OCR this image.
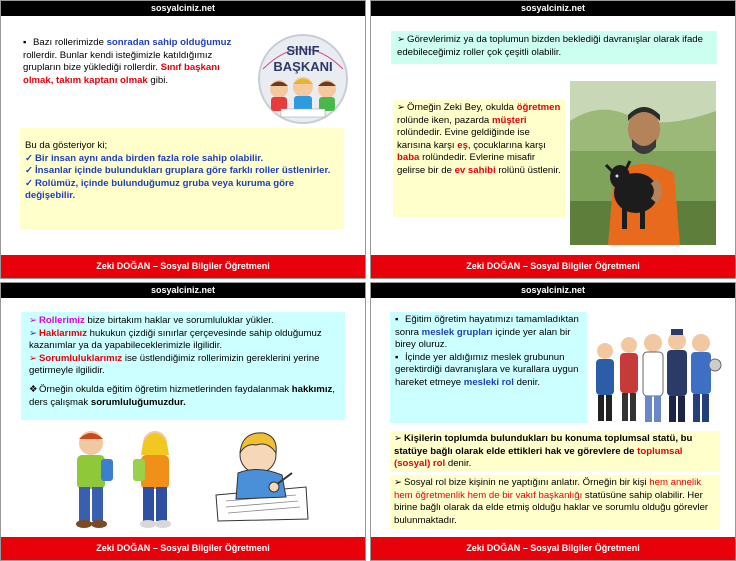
sosyalciniz.net
▪ Bazı rollerimizde sonradan sahip olduğumuz rollerdir. Bunlar kendi isteğimizle katıldığımız grupların bize yüklediği rollerdir. Sınıf başkanı olmak, takım kaptanı olmak gibi.
SINIF
BAŞKANI
Bu da gösteriyor ki;
✓ Bir insan aynı anda birden fazla role sahip olabilir.
✓ İnsanlar içinde bulundukları gruplara göre farklı roller üstlenirler.
✓ Rolümüz, içinde bulunduğumuz gruba veya kuruma göre değişebilir.
Zeki DOĞAN – Sosyal Bilgiler Öğretmeni
sosyalciniz.net
➢ Görevlerimiz ya da toplumun bizden beklediği davranışlar olarak ifade edebileceğimiz roller çok çeşitli olabilir.
➢ Örneğin Zeki Bey, okulda öğretmen rolünde iken, pazarda müşteri rolündedir. Evine geldiğinde ise karısına karşı eş, çocuklarına karşı baba rolündedir. Evlerine misafir gelirse bir de ev sahibi rolünü üstlenir.
Zeki DOĞAN – Sosyal Bilgiler Öğretmeni
sosyalciniz.net
➢ Rollerimiz bize birtakım haklar ve sorumluluklar yükler.
➢ Haklarımız hukukun çizdiği sınırlar çerçevesinde sahip olduğumuz kazanımlar ya da yapabileceklerimizle ilgilidir.
➢ Sorumluluklarımız ise üstlendiğimiz rollerimizin gereklerini yerine getirmeyle ilgilidir.
❖Örneğin okulda eğitim öğretim hizmetlerinden faydalanmak hakkımız, ders çalışmak sorumluluğumuzdur.
Zeki DOĞAN – Sosyal Bilgiler Öğretmeni
sosyalciniz.net
▪ Eğitim öğretim hayatımızı tamamladıktan sonra meslek grupları içinde yer alan bir birey oluruz.
▪ İçinde yer aldığımız meslek grubunun gerektirdiği davranışlara ve kurallara uygun hareket etmeye mesleki rol denir.
➢ Kişilerin toplumda bulundukları bu konuma toplumsal statü, bu statüye bağlı olarak elde ettikleri hak ve görevlere de toplumsal (sosyal) rol denir.
➢ Sosyal rol bize kişinin ne yaptığını anlatır. Örneğin bir kişi hem annelik hem öğretmenlik hem de bir vakıf başkanlığı statüsüne sahip olabilir. Her birine bağlı olarak da elde etmiş olduğu haklar ve sorumlu olduğu görevler bulunmaktadır.
Zeki DOĞAN – Sosyal Bilgiler Öğretmeni
